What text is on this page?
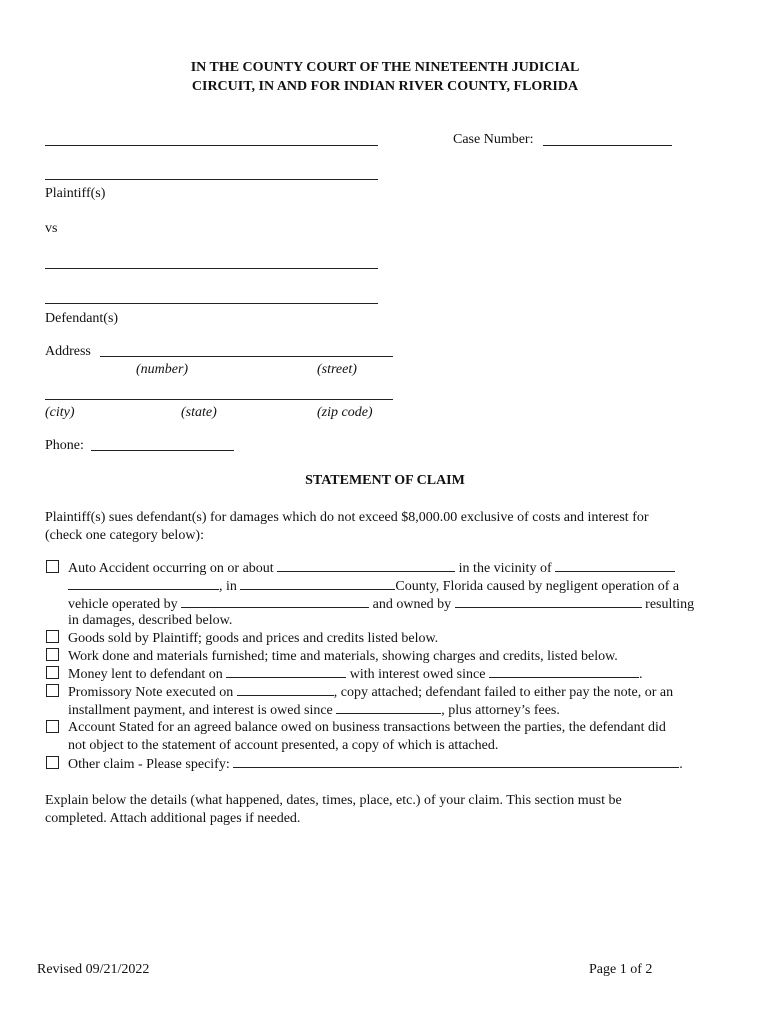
IN THE COUNTY COURT OF THE NINETEENTH JUDICIAL
CIRCUIT, IN AND FOR INDIAN RIVER COUNTY, FLORIDA
Case Number:
Plaintiff(s)
vs
Defendant(s)
Address
(number)	(street)
(city)	(state)	(zip code)
Phone:
STATEMENT OF CLAIM
Plaintiff(s) sues defendant(s) for damages which do not exceed $8,000.00 exclusive of costs and interest for
(check one category below):
Auto Accident occurring on or about	in the vicinity of
, in	County, Florida caused by negligent operation of a
vehicle operated by	and owned by	resulting
in damages, described below.
Goods sold by Plaintiff; goods and prices and credits listed below.
Work done and materials furnished; time and materials, showing charges and credits, listed below.
Money lent to defendant on	with interest owed since	.
Promissory Note executed on	, copy attached; defendant failed to either pay the note, or an
installment payment, and interest is owed since	, plus attorney’s fees.
Account Stated for an agreed balance owed on business transactions between the parties, the defendant did
not object to the statement of account presented, a copy of which is attached.
Other claim - Please specify:	.
Explain below the details (what happened, dates, times, place, etc.) of your claim. This section must be
completed. Attach additional pages if needed.
Revised 09/21/2022	Page 1 of 2
